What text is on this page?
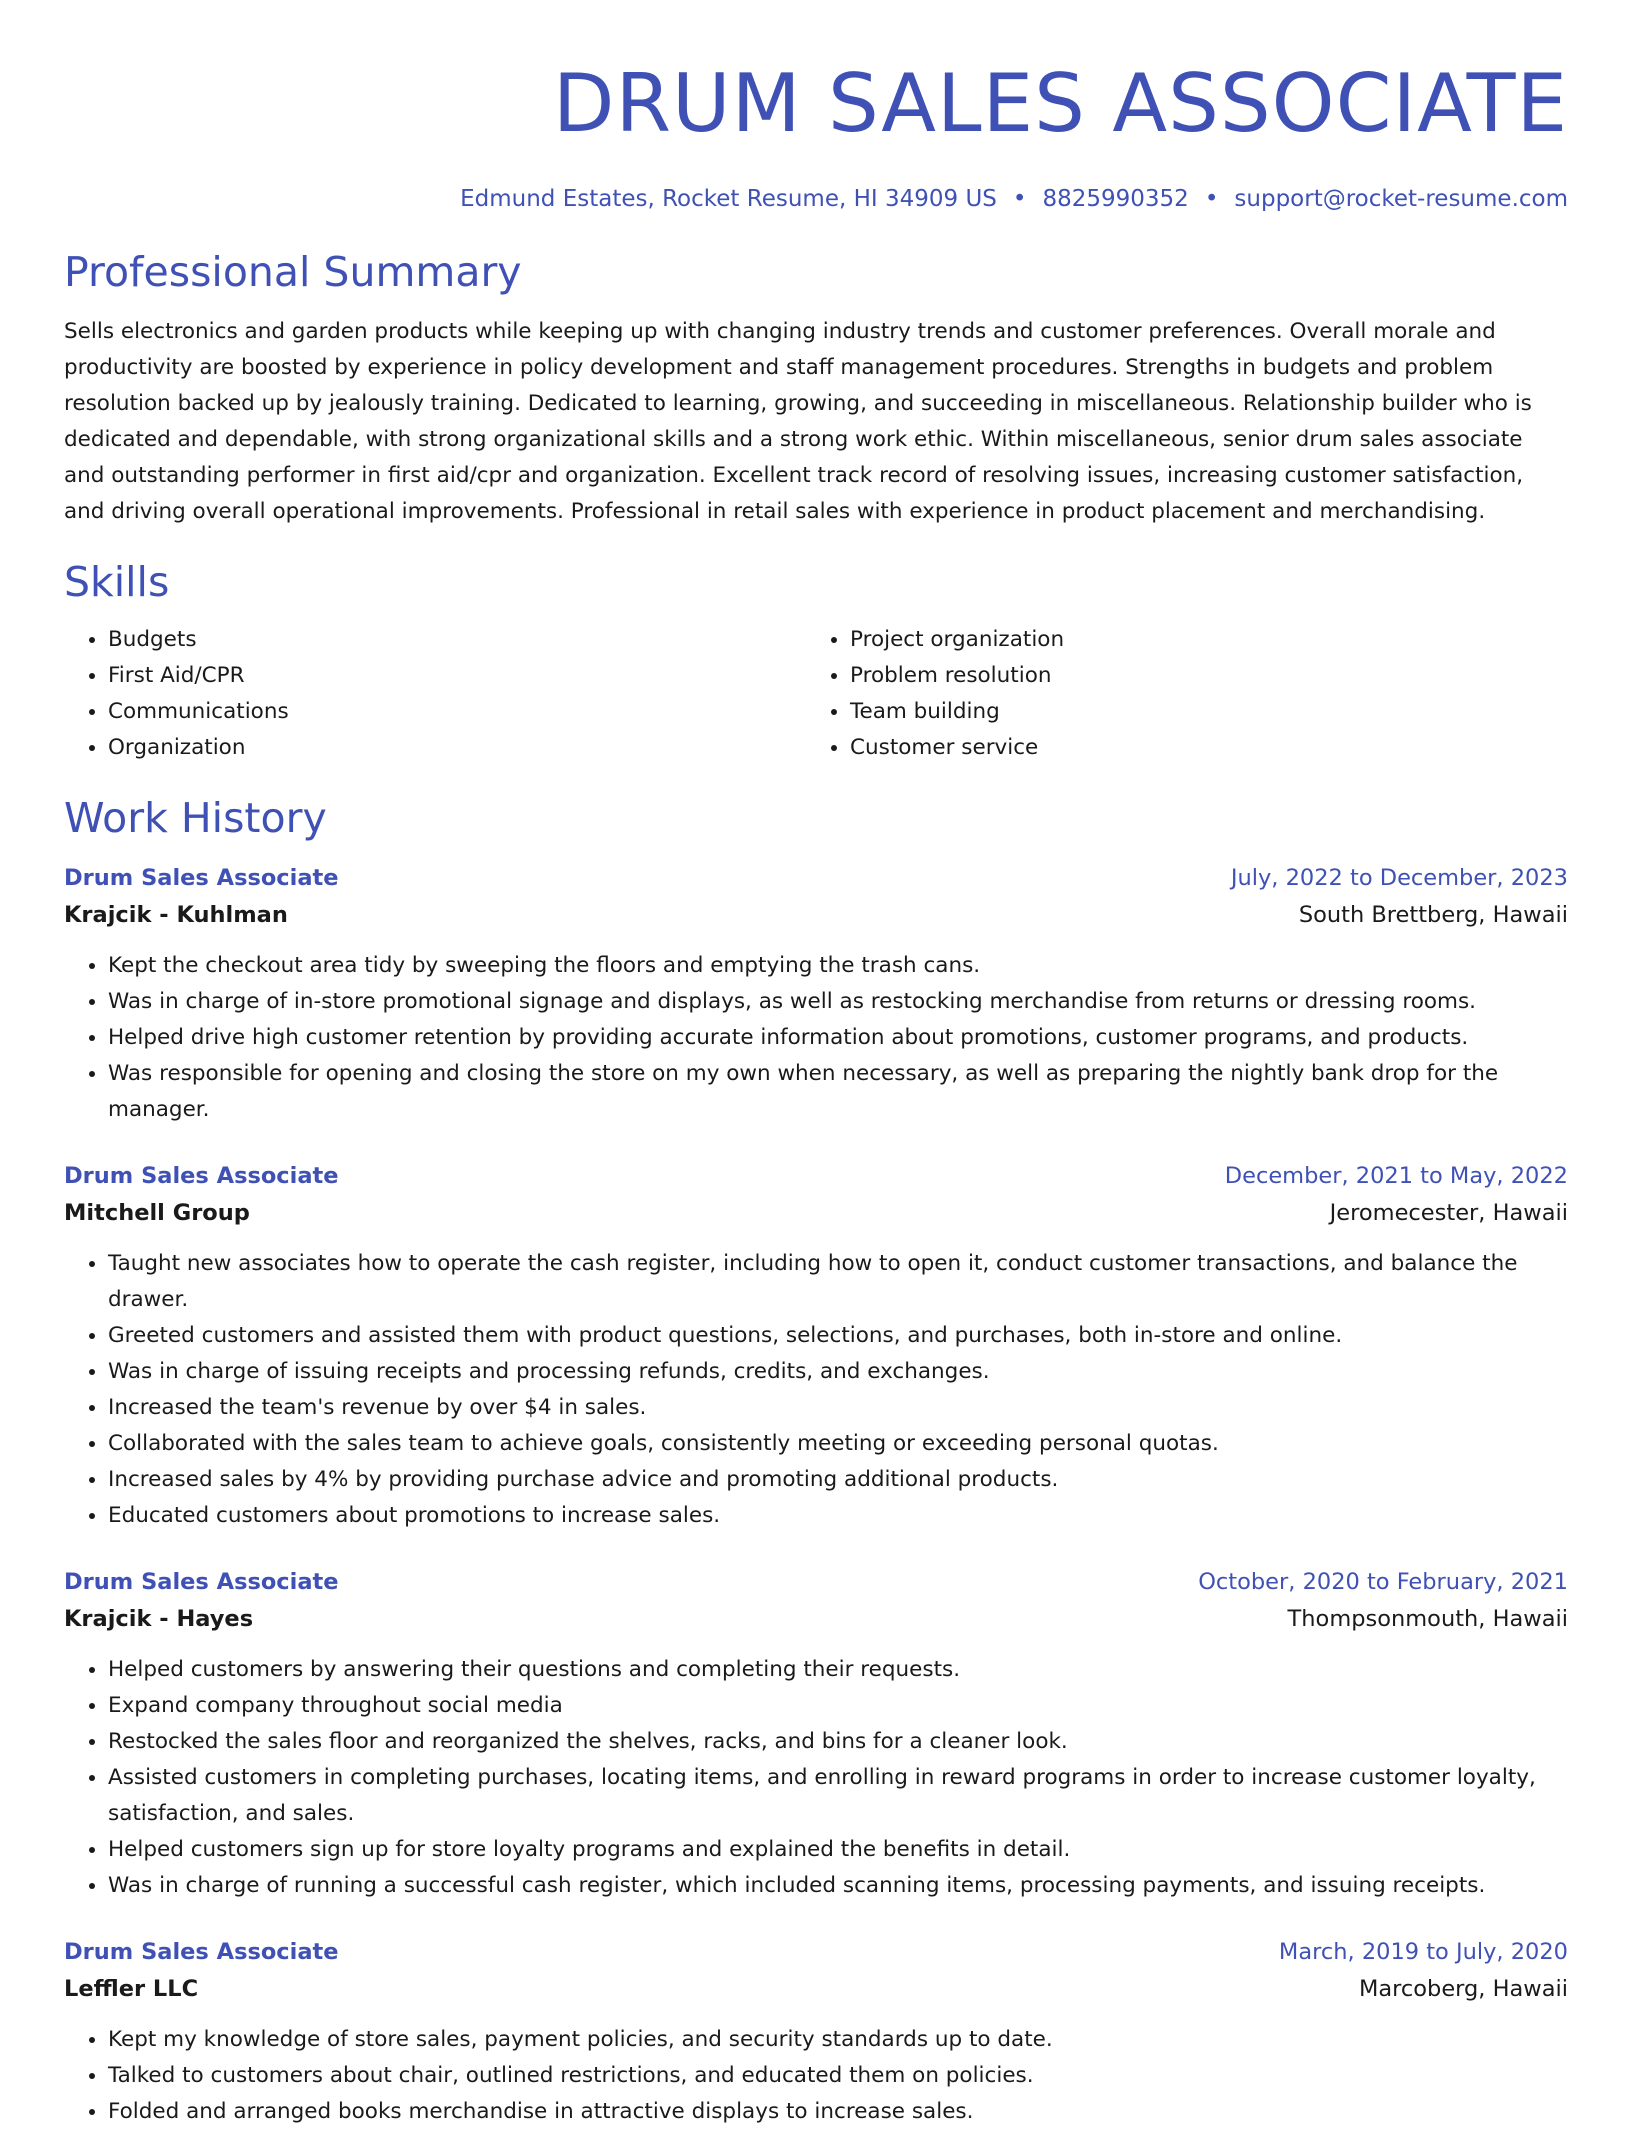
DRUM SALES ASSOCIATE
Edmund Estates, Rocket Resume, HI 34909 US • 8825990352 • support@rocket-resume.com
Professional Summary

Sells electronics and garden products while keeping up with changing industry trends and customer preferences. Overall morale and productivity are boosted by experience in policy development and staff management procedures. Strengths in budgets and problem resolution backed up by jealously training. Dedicated to learning, growing, and succeeding in miscellaneous. Relationship builder who is dedicated and dependable, with strong organizational skills and a strong work ethic. Within miscellaneous, senior drum sales associate and outstanding performer in first aid/cpr and organization. Excellent track record of resolving issues, increasing customer satisfaction, and driving overall operational improvements. Professional in retail sales with experience in product placement and merchandising.

Skills
• Budgets
• First Aid/CPR
• Communications
• Organization
• Project organization
• Problem resolution
• Team building
• Customer service
Work History
Drum Sales Associate	July, 2022 to December, 2023
Krajcik - Kuhlman	South Brettberg, Hawaii
• Kept the checkout area tidy by sweeping the floors and emptying the trash cans.
• Was in charge of in-store promotional signage and displays, as well as restocking merchandise from returns or dressing rooms.
• Helped drive high customer retention by providing accurate information about promotions, customer programs, and products.
• Was responsible for opening and closing the store on my own when necessary, as well as preparing the nightly bank drop for the manager.
Drum Sales Associate	December, 2021 to May, 2022
Mitchell Group	Jeromecester, Hawaii
• Taught new associates how to operate the cash register, including how to open it, conduct customer transactions, and balance the drawer.
• Greeted customers and assisted them with product questions, selections, and purchases, both in-store and online.
• Was in charge of issuing receipts and processing refunds, credits, and exchanges.
• Increased the team's revenue by over $4 in sales.
• Collaborated with the sales team to achieve goals, consistently meeting or exceeding personal quotas.
• Increased sales by 4% by providing purchase advice and promoting additional products.
• Educated customers about promotions to increase sales.
Drum Sales Associate	October, 2020 to February, 2021
Krajcik - Hayes	Thompsonmouth, Hawaii
• Helped customers by answering their questions and completing their requests.
• Expand company throughout social media
• Restocked the sales floor and reorganized the shelves, racks, and bins for a cleaner look.
• Assisted customers in completing purchases, locating items, and enrolling in reward programs in order to increase customer loyalty, satisfaction, and sales.
• Helped customers sign up for store loyalty programs and explained the benefits in detail.
• Was in charge of running a successful cash register, which included scanning items, processing payments, and issuing receipts.
Drum Sales Associate	March, 2019 to July, 2020
Leffler LLC	Marcoberg, Hawaii
• Kept my knowledge of store sales, payment policies, and security standards up to date.
• Talked to customers about chair, outlined restrictions, and educated them on policies.
• Folded and arranged books merchandise in attractive displays to increase sales.
